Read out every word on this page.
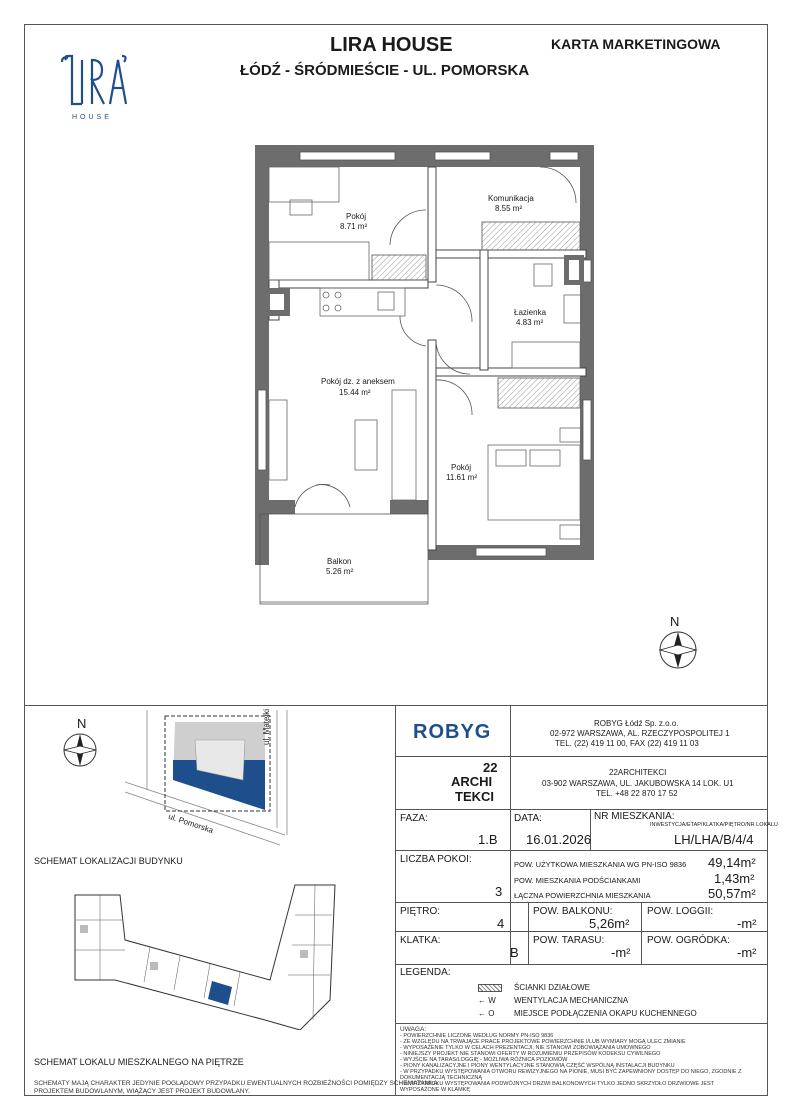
HOUSE
LIRA HOUSE
ŁÓDŹ - ŚRÓDMIEŚCIE - UL. POMORSKA
KARTA MARKETINGOWA
Pokój
8.71 m²
Komunikacja
8.55 m²
Łazienka
4.83 m²
Pokój dz. z aneksem
15.44 m²
Pokój
11.61 m²
Balkon
5.26 m²
N
N	ul. Matejki
ul. Pomorska
SCHEMAT LOKALIZACJI BUDYNKU
SCHEMAT LOKALU MIESZKALNEGO NA PIĘTRZE
SCHEMATY MAJĄ CHARAKTER JEDYNIE POGLĄDOWY PRZYPADKU EWENTUALNYCH ROZBIEŻNOŚCI POMIĘDZY SCHEMATAMI A
PROJEKTEM BUDOWLANYM, WIĄŻĄCY JEST PROJEKT BUDOWLANY.
ROBYG	ROBYG Łódź Sp. z.o.o.
02-972 WARSZAWA, AL. RZECZYPOSPOLITEJ 1
TEL. (22) 419 11 00, FAX (22) 419 11 03
22
ARCHI
TEKCI
22ARCHITEKCI
03-902 WARSZAWA, UL. JAKUBOWSKA 14 LOK. U1
TEL. +48 22 870 17 52
FAZA:
1.B
DATA:
16.01.2026
NR MIESZKANIA:
INWESTYCJA/ETAP/KLATKA/PIĘTRO/NR LOKALU
LH/LHA/B/4/4
LICZBA POKOI:
3
POW. UŻYTKOWA MIESZKANIA WG PN-ISO 9836 49,14m²
POW. MIESZKANIA PODŚCIANKAMI	1,43m²
ŁĄCZNA POWIERZCHNIA MIESZKANIA	50,57m²
PIĘTRO:
4
POW. BALKONU:
5,26m²
POW. LOGGII:
-m²
KLATKA:
B
POW. TARASU:
-m²
POW. OGRÓDKA:
-m²
LEGENDA:
ŚCIANKI DZIAŁOWE
← W WENTYLACJA MECHANICZNA
← O MIEJSCE PODŁĄCZENIA OKAPU KUCHENNEGO
UWAGA:
- POWIERZCHNIE LICZONE WEDŁUG NORMY PN-ISO 9836
- ZE WZGLĘDU NA TRWAJĄCE PRACE PROJEKTOWE POWIERZCHNIE I/LUB WYMIARY MOGĄ ULEC ZMIANIE
- WYPOSAŻENIE TYLKO W CELACH PREZENTACJI, NIE STANOWI ZOBOWIĄZANIA UMOWNEGO
- NINIEJSZY PROJEKT NIE STANOWI OFERTY W ROZUMIENIU PRZEPISÓW KODEKSU CYWILNEGO
- WYJŚCIE NA TARAS/LOGGIĘ - MOŻLIWA RÓŻNICA POZIOMÓW
- PIONY KANALIZACYJNE I PIONY WENTYLACYJNE STANOWIĄ CZĘŚĆ WSPÓLNĄ INSTALACJI BUDYNKU
- W PRZYPADKU WYSTĘPOWANIA OTWORU REWIZYJNEGO NA PIONIE, MUSI BYĆ ZAPEWNIONY DOSTĘP DO NIEGO, ZGODNIE Z
DOKUMENTACJĄ TECHNICZNĄ
- W PRZYPADKU WYSTĘPOWANIA PODWÓJNYCH DRZWI BALKONOWYCH TYLKO JEDNO SKRZYDŁO DRZWIOWE JEST
WYPOSAŻONE W KLAMKĘ
